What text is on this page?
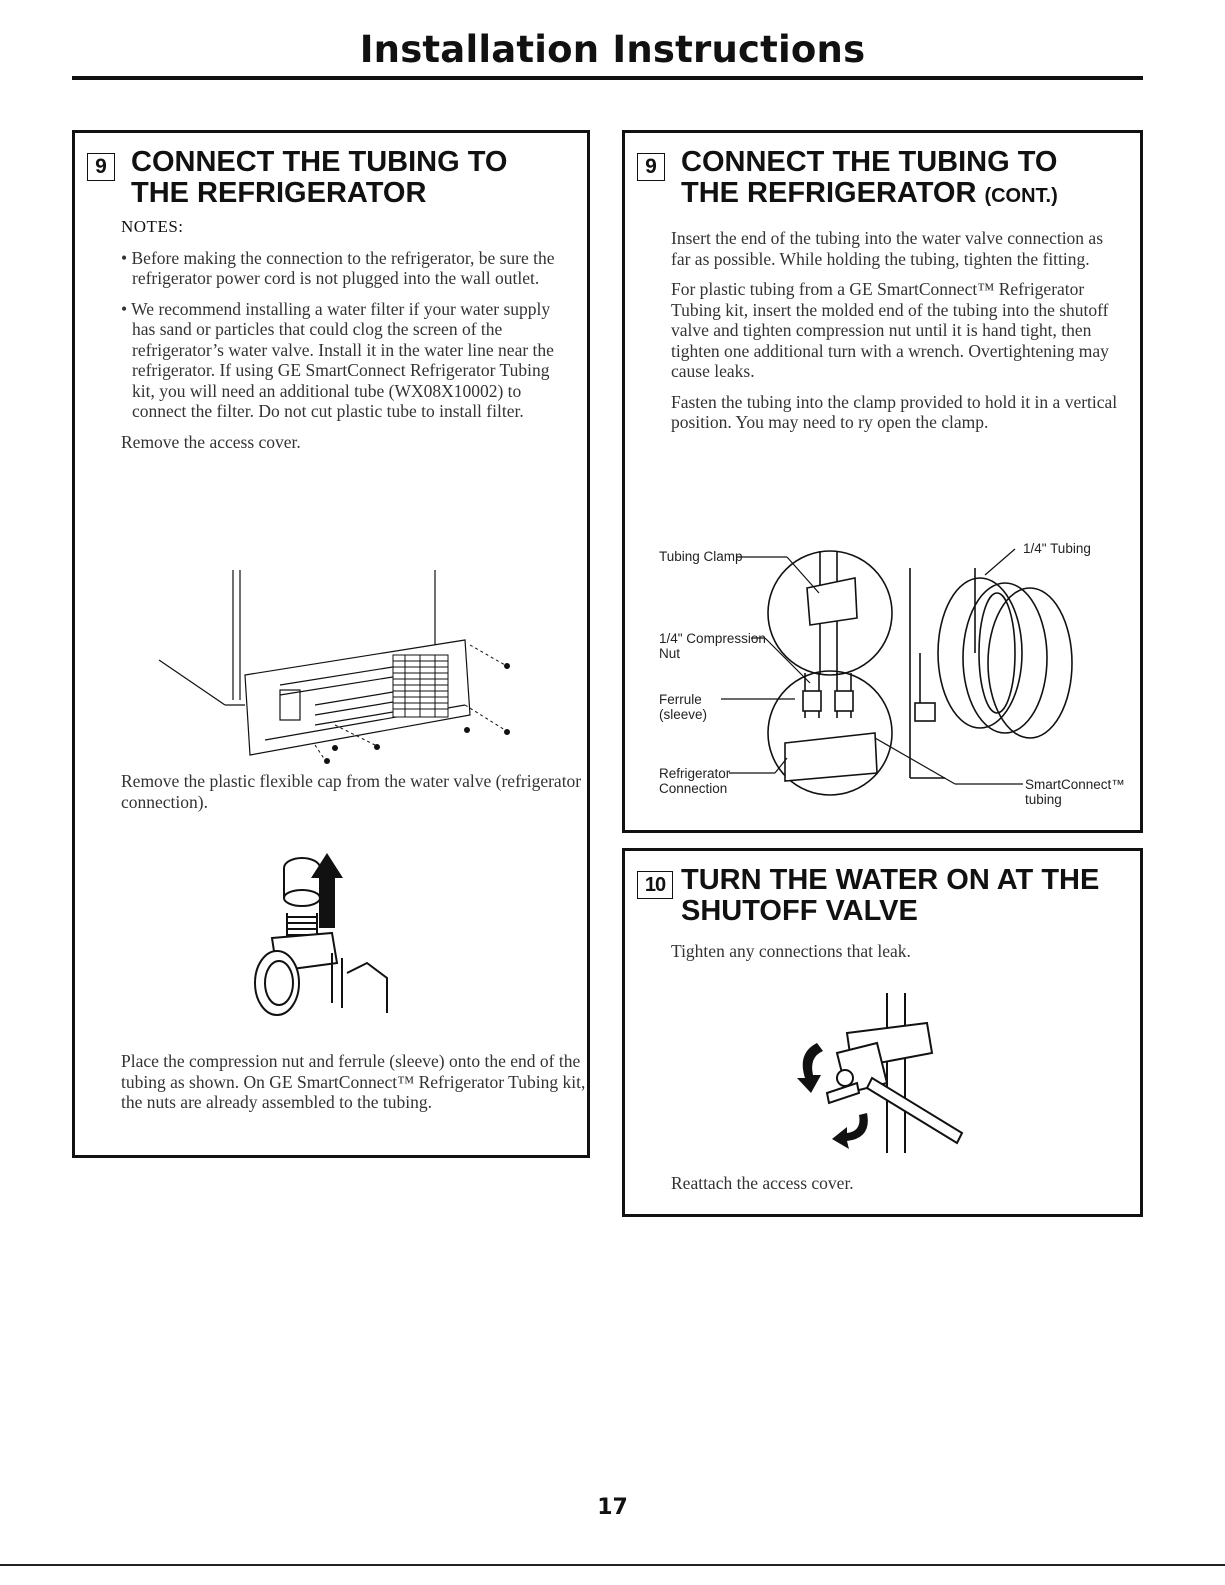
Installation Instructions
9 CONNECT THE TUBING TO THE REFRIGERATOR
NOTES:

• Before making the connection to the refrigerator, be sure the refrigerator power cord is not plugged into the wall outlet.

• We recommend installing a water filter if your water supply has sand or particles that could clog the screen of the refrigerator’s water valve. Install it in the water line near the refrigerator. If using GE SmartConnect Refrigerator Tubing kit, you will need an additional tube (WX08X10002) to connect the filter. Do not cut plastic tube to install filter.

Remove the access cover.

Remove the plastic flexible cap from the water valve (refrigerator connection).

Place the compression nut and ferrule (sleeve) onto the end of the tubing as shown. On GE SmartConnect™ Refrigerator Tubing kit, the nuts are already assembled to the tubing.

9 CONNECT THE TUBING TO THE REFRIGERATOR (CONT.)

Insert the end of the tubing into the water valve connection as far as possible. While holding the tubing, tighten the fitting.

For plastic tubing from a GE SmartConnect™ Refrigerator Tubing kit, insert the molded end of the tubing into the shutoff valve and tighten compression nut until it is hand tight, then tighten one additional turn with a wrench. Overtightening may cause leaks.

Fasten the tubing into the clamp provided to hold it in a vertical position. You may need to ry open the clamp.

Tubing Clamp
1/4" Tubing
1/4" Compression
Nut
Ferrule
(sleeve)
Refrigerator
Connection	SmartConnect™
tubing
10 TURN THE WATER ON AT THE SHUTOFF VALVE

Tighten any connections that leak.

Reattach the access cover.

17
